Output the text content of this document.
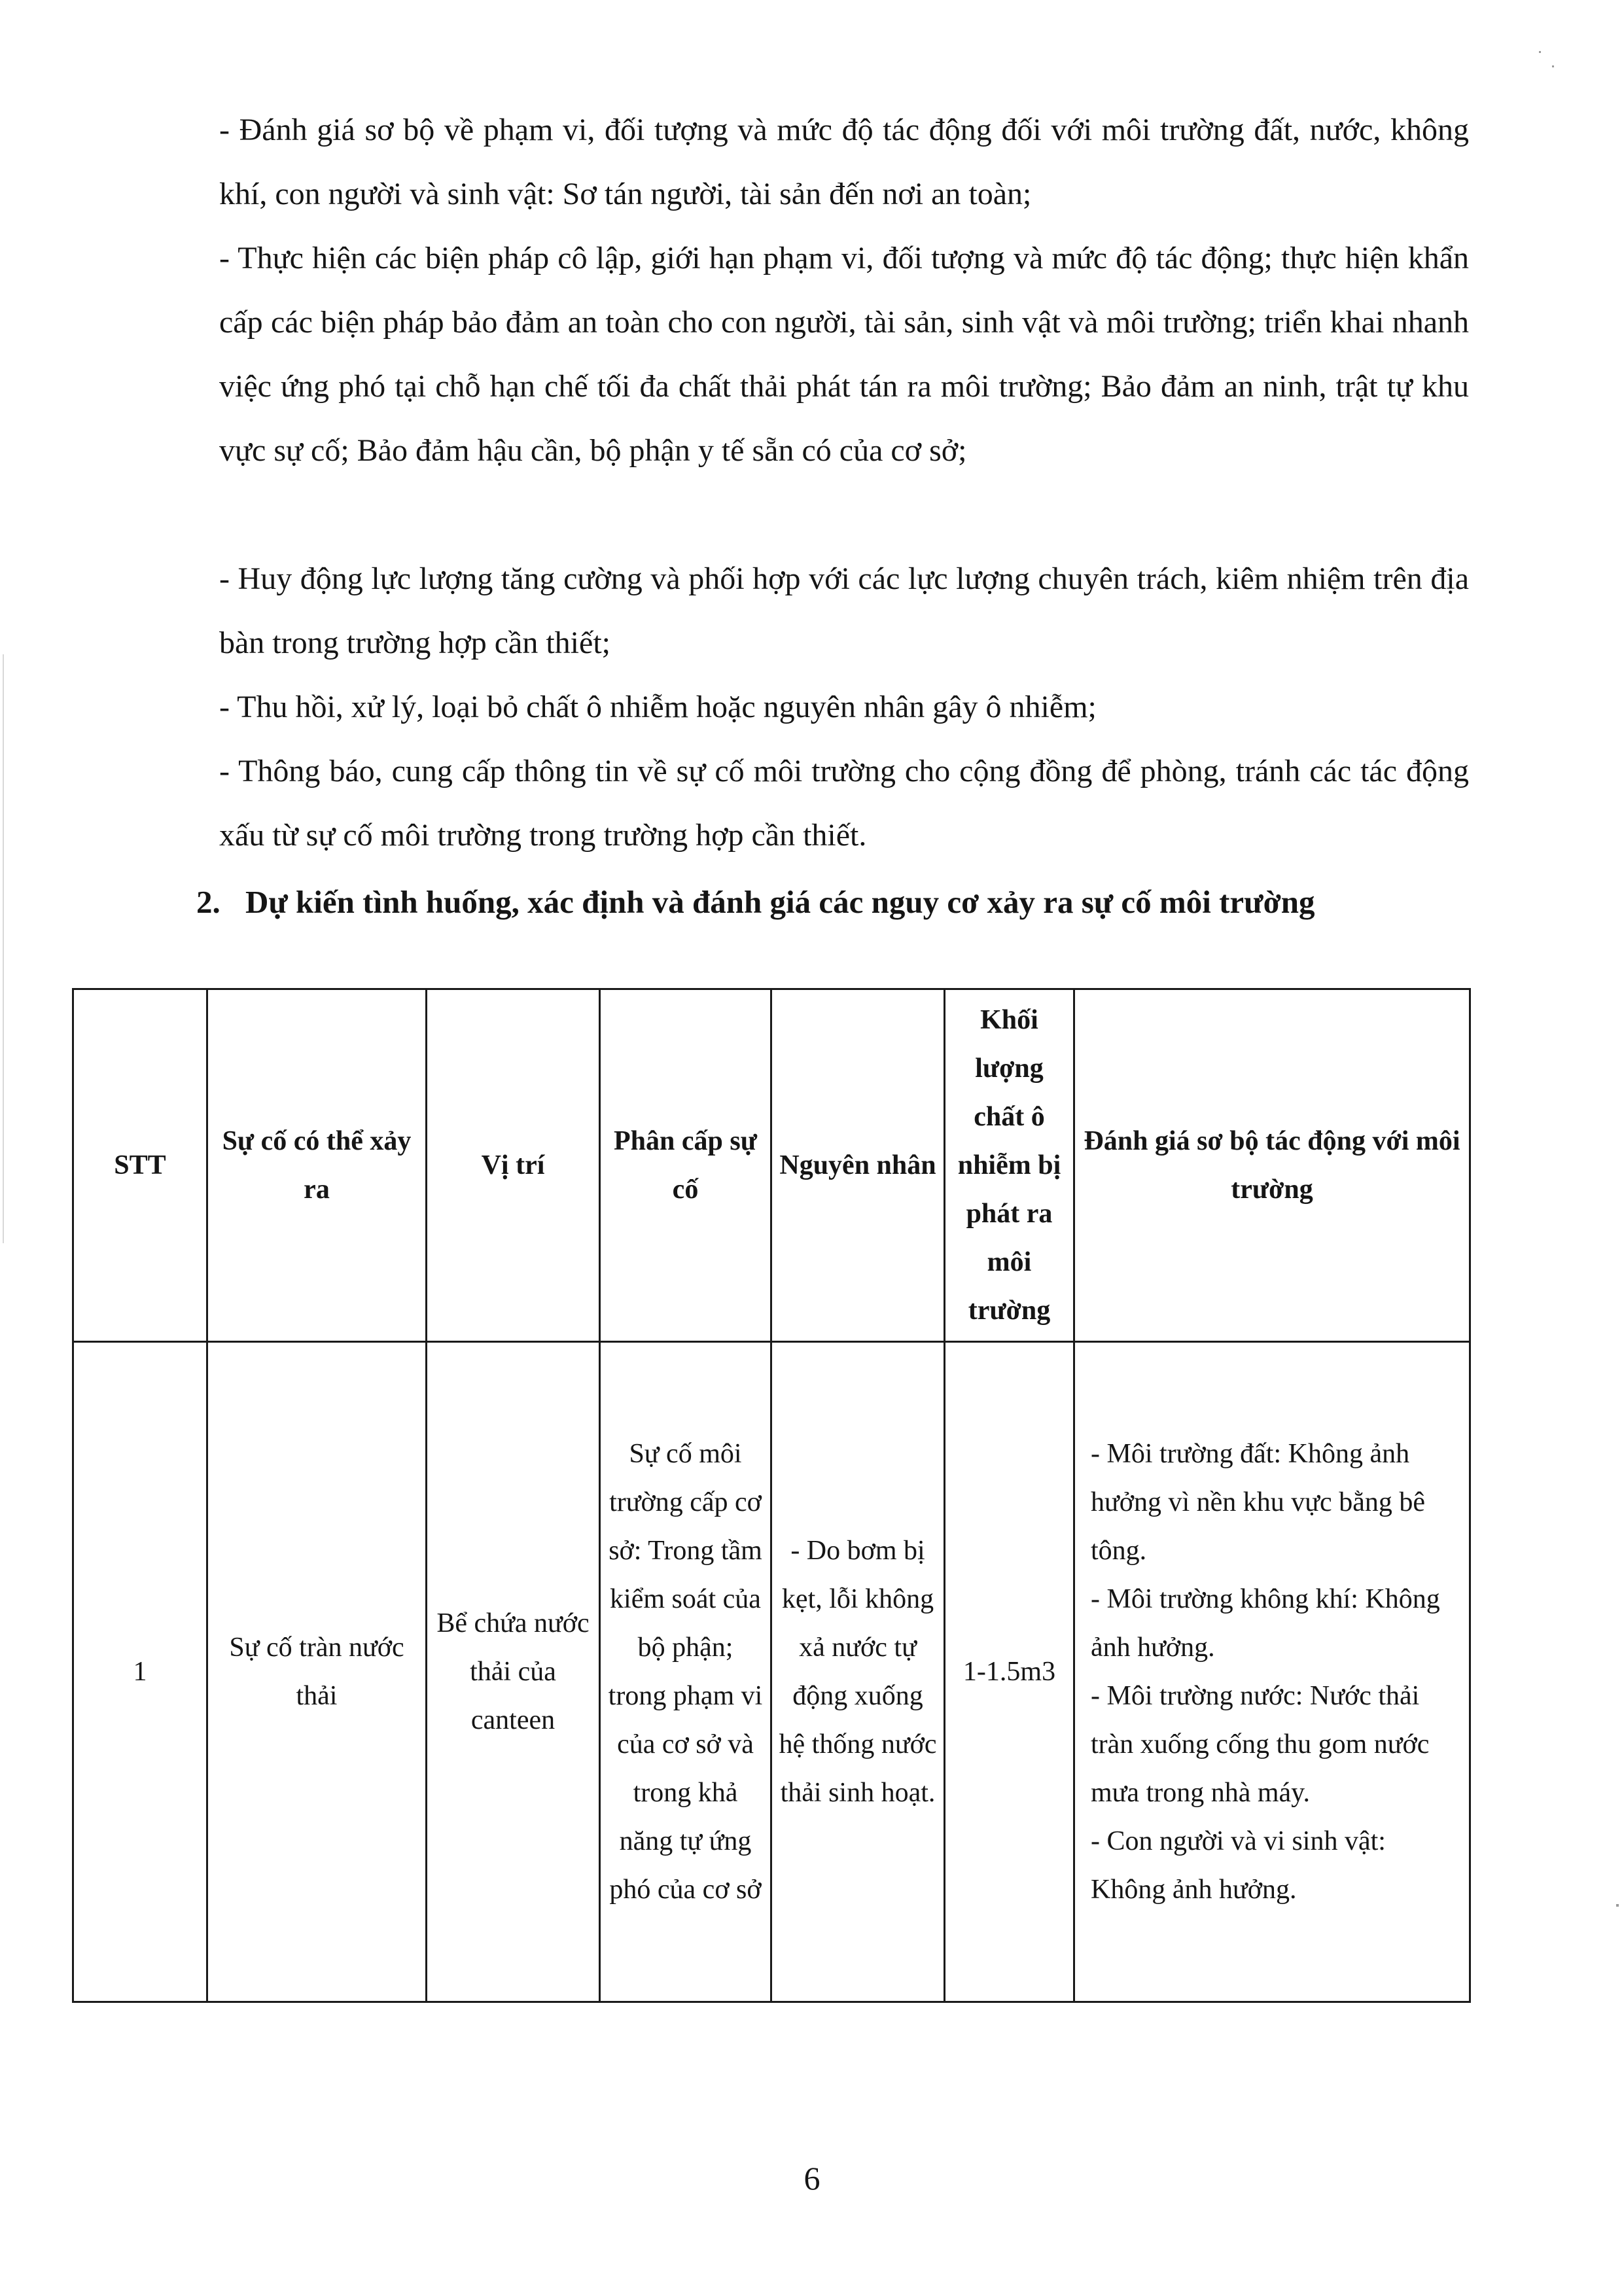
- Đánh giá sơ bộ về phạm vi, đối tượng và mức độ tác động đối với môi trường đất, nước, không khí, con người và sinh vật: Sơ tán người, tài sản đến nơi an toàn;

- Thực hiện các biện pháp cô lập, giới hạn phạm vi, đối tượng và mức độ tác động; thực hiện khẩn cấp các biện pháp bảo đảm an toàn cho con người, tài sản, sinh vật và môi trường; triển khai nhanh việc ứng phó tại chỗ hạn chế tối đa chất thải phát tán ra môi trường; Bảo đảm an ninh, trật tự khu vực sự cố; Bảo đảm hậu cần, bộ phận y tế sẵn có của cơ sở;

- Huy động lực lượng tăng cường và phối hợp với các lực lượng chuyên trách, kiêm nhiệm trên địa bàn trong trường hợp cần thiết;

- Thu hồi, xử lý, loại bỏ chất ô nhiễm hoặc nguyên nhân gây ô nhiễm;

- Thông báo, cung cấp thông tin về sự cố môi trường cho cộng đồng để phòng, tránh các tác động xấu từ sự cố môi trường trong trường hợp cần thiết.

2. Dự kiến tình huống, xác định và đánh giá các nguy cơ xảy ra sự cố môi trường

STT	Sự cố có thể xảy ra	Vị trí	Phân cấp sự cố	Nguyên nhân	Khối lượng chất ô nhiễm bị phát ra môi trường	Đánh giá sơ bộ tác động với môi trường
1	Sự cố tràn nước thải	Bể chứa nước thải của canteen	Sự cố môi trường cấp cơ sở: Trong tầm kiểm soát của bộ phận; trong phạm vi của cơ sở và trong khả năng tự ứng phó của cơ sở	- Do bơm bị kẹt, lỗi không xả nước tự động xuống hệ thống nước thải sinh hoạt.	1-1.5m3	- Môi trường đất: Không ảnh hưởng vì nền khu vực bằng bê tông.
- Môi trường không khí: Không ảnh hưởng.
- Môi trường nước: Nước thải tràn xuống cống thu gom nước mưa trong nhà máy.
- Con người và vi sinh vật: Không ảnh hưởng.
6
